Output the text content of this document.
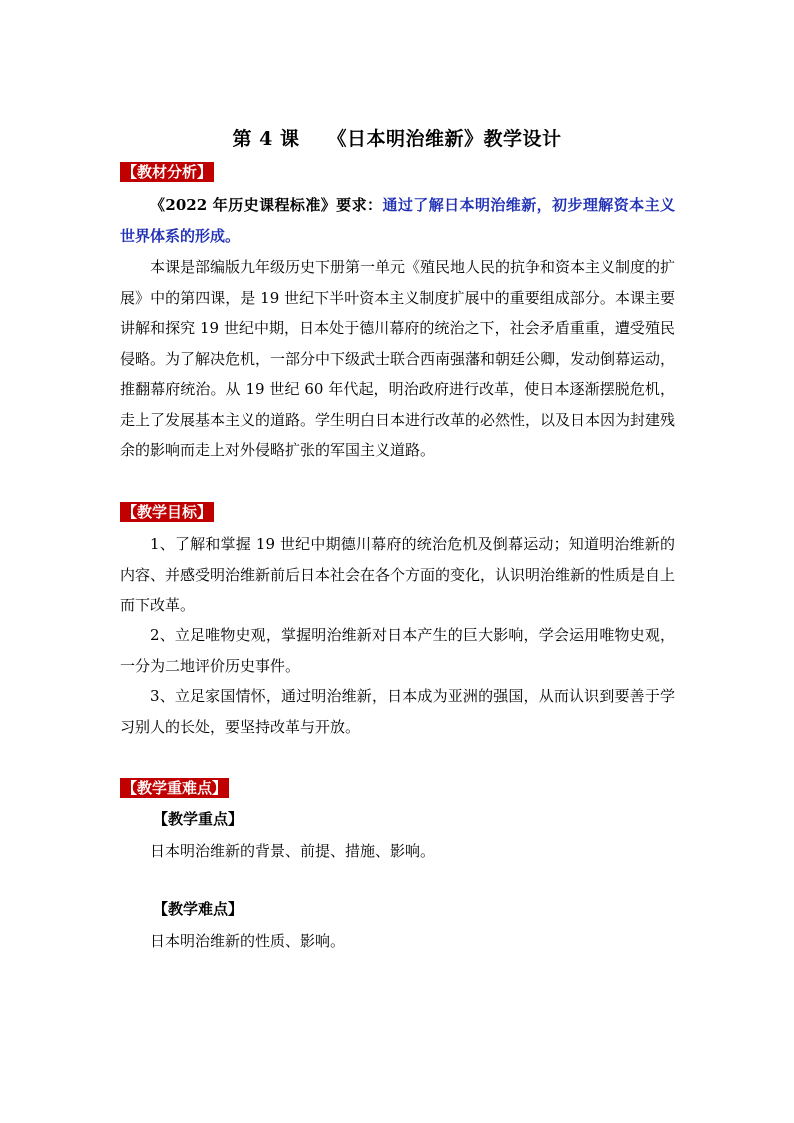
第 4 课 《日本明治维新》教学设计
【教材分析】

《2022 年历史课程标准》要求：通过了解日本明治维新，初步理解资本主义世界体系的形成。

本课是部编版九年级历史下册第一单元《殖民地人民的抗争和资本主义制度的扩展》中的第四课，是 19 世纪下半叶资本主义制度扩展中的重要组成部分。本课主要讲解和探究 19 世纪中期，日本处于德川幕府的统治之下，社会矛盾重重，遭受殖民侵略。为了解决危机，一部分中下级武士联合西南强藩和朝廷公卿，发动倒幕运动，推翻幕府统治。从 19 世纪 60 年代起，明治政府进行改革，使日本逐渐摆脱危机，走上了发展基本主义的道路。学生明白日本进行改革的必然性，以及日本因为封建残余的影响而走上对外侵略扩张的军国主义道路。

【教学目标】

1、了解和掌握 19 世纪中期德川幕府的统治危机及倒幕运动；知道明治维新的内容、并感受明治维新前后日本社会在各个方面的变化，认识明治维新的性质是自上而下改革。

2、立足唯物史观，掌握明治维新对日本产生的巨大影响，学会运用唯物史观，一分为二地评价历史事件。

3、立足家国情怀，通过明治维新，日本成为亚洲的强国，从而认识到要善于学习别人的长处，要坚持改革与开放。

【教学重难点】
【教学重点】
日本明治维新的背景、前提、措施、影响。
【教学难点】
日本明治维新的性质、影响。
